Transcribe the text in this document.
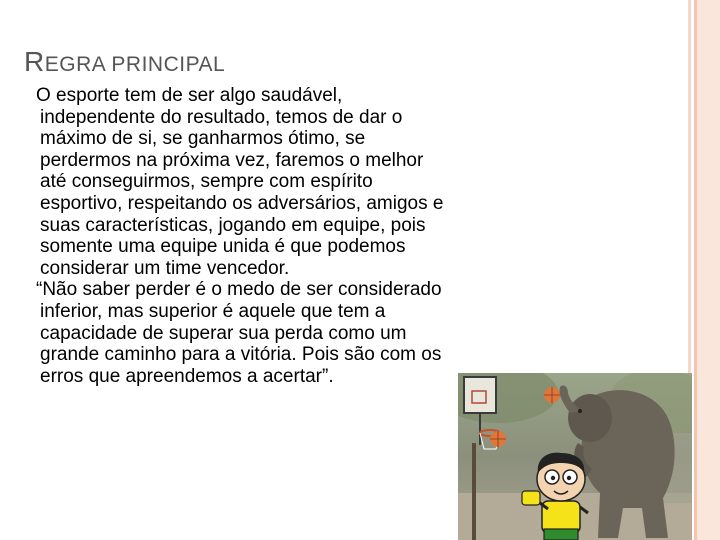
REGRA PRINCIPAL
O esporte tem de ser algo saudável,
independente do resultado, temos de dar o
máximo de si, se ganharmos ótimo, se
perdermos na próxima vez, faremos o melhor
até conseguirmos, sempre com espírito
esportivo, respeitando os adversários, amigos e
suas características, jogando em equipe, pois
somente uma equipe unida é que podemos
considerar um time vencedor.
“Não saber perder é o medo de ser considerado
inferior, mas superior é aquele que tem a
capacidade de superar sua perda como um
grande caminho para a vitória. Pois são com os
erros que apreendemos a acertar”.
